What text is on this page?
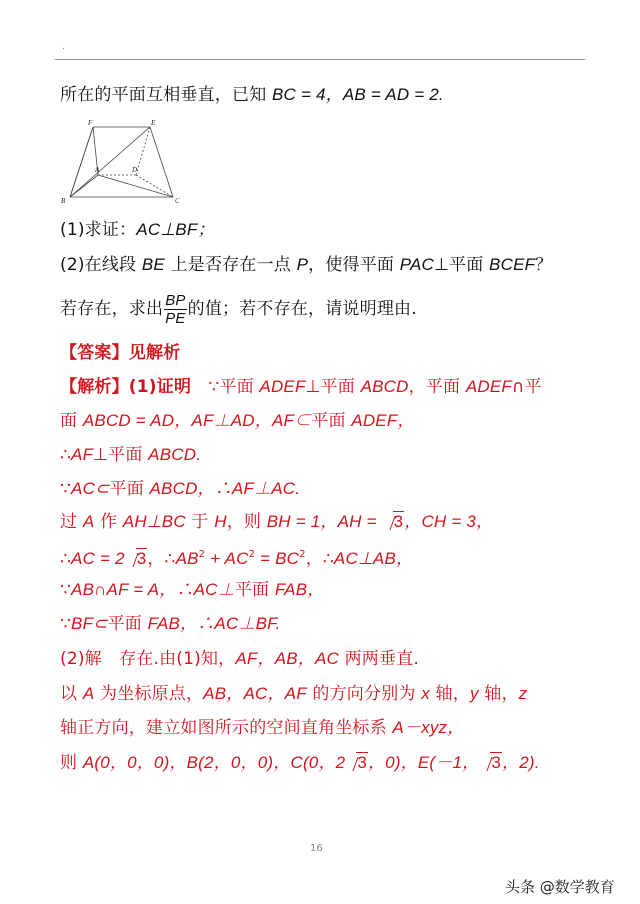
.
所在的平面互相垂直，已知 BC = 4，AB = AD = 2.
F	E
A	D
B	C
(1)求证：AC⊥BF；
(2)在线段 BE 上是否存在一点 P，使得平面 PAC⊥平面 BCEF？
若存在，求出 $\frac{BP}{PE}$ 的值；若不存在，请说明理由.
【答案】见解析
【解析】(1)证明　 ∵平面 ADEF⊥平面 ABCD，平面 ADEF∩平
面 ABCD = AD，AF⊥AD，AF⊂平面 ADEF，
∴AF⊥平面 ABCD.
∵AC⊂平面 ABCD，∴AF⊥AC.
过 A 作 AH⊥BC 于 H，则 BH = 1，AH = 3，CH = 3，
∴AC = 2 3，$\therefore AB^2 + AC^2 = BC^2$，∴AC⊥AB，
∵AB∩AF = A，∴AC⊥平面 FAB，
∵BF⊂平面 FAB，∴AC⊥BF.
(2)解　存在.由(1)知，AF，AB，AC 两两垂直.
以 A 为坐标原点，AB，AC，AF 的方向分别为 x 轴，y 轴，z
轴正方向，建立如图所示的空间直角坐标系 A－xyz，
则 A(0，0，0)，B(2，0，0)，C(0，2 3，0)，E(－1， 3，2).
16
头条 @数学教育
